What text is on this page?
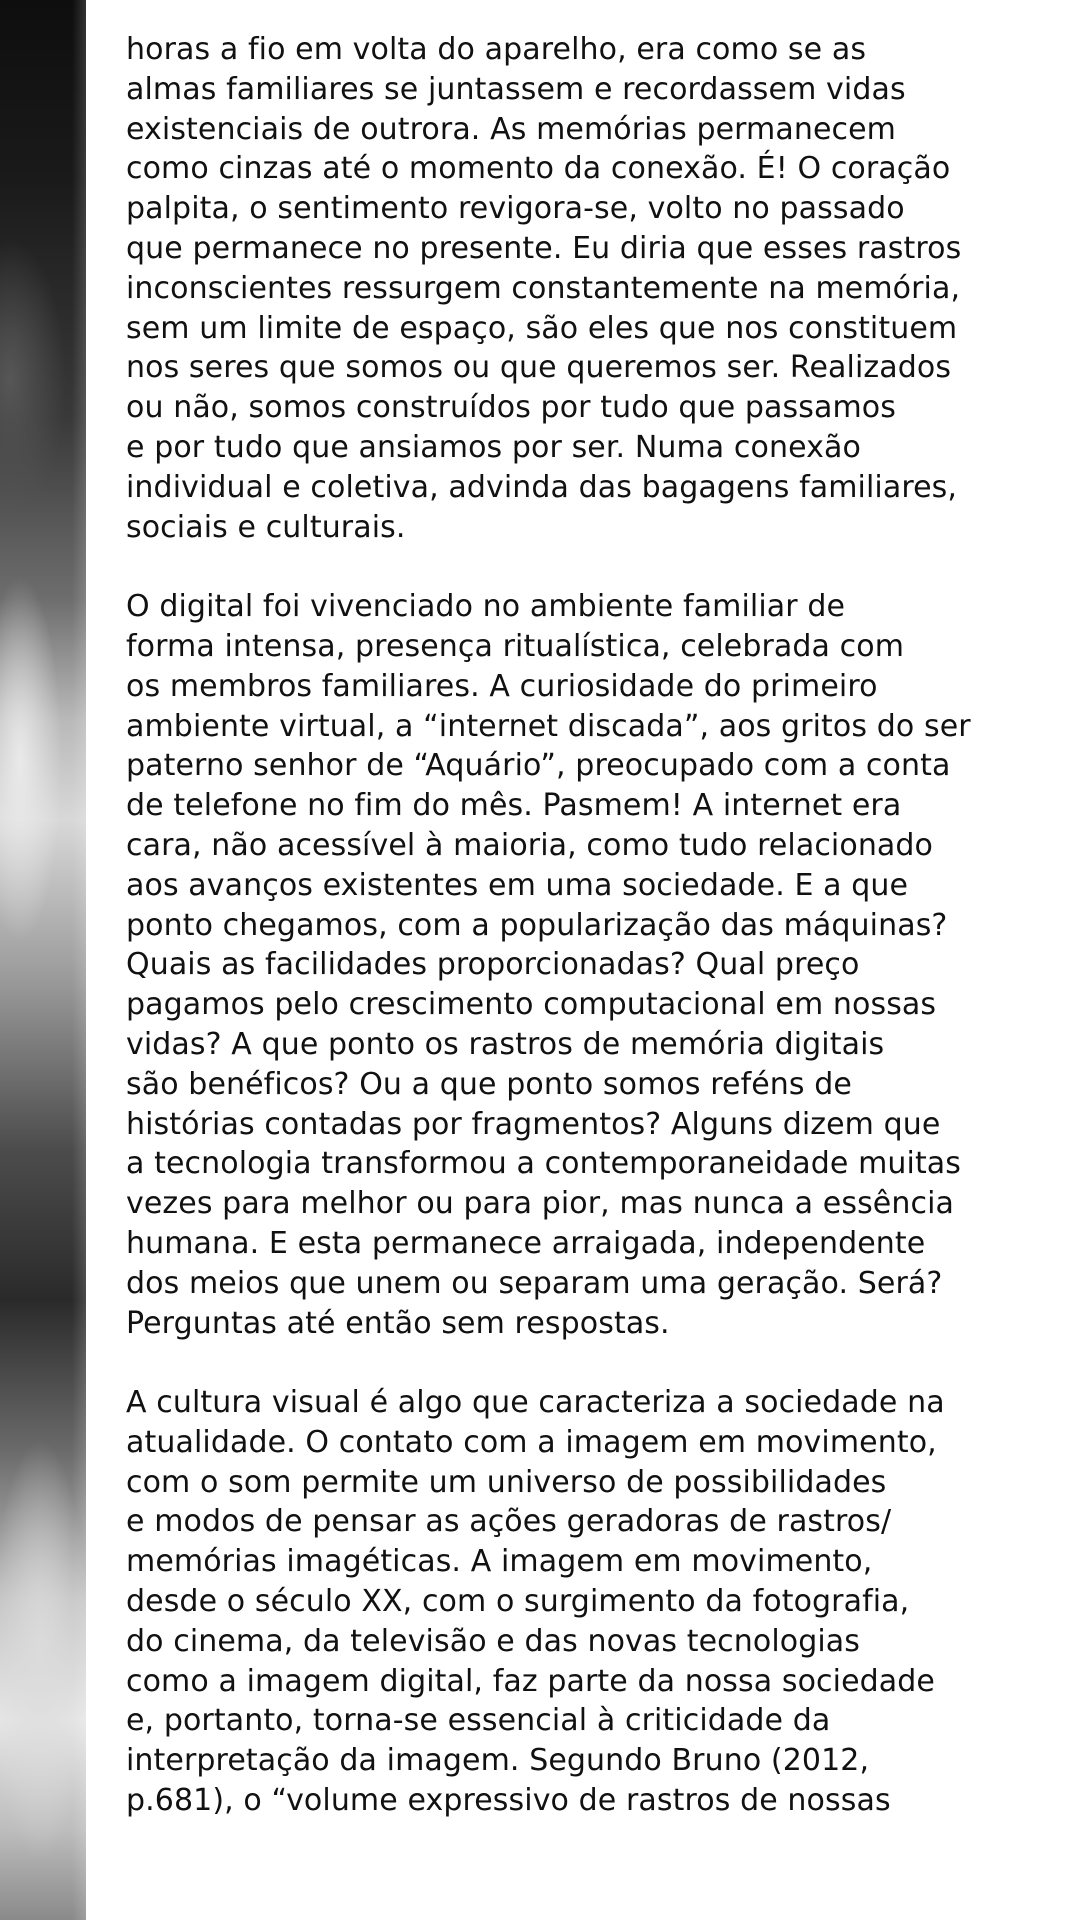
horas a fio em volta do aparelho, era como se as
almas familiares se juntassem e recordassem vidas
existenciais de outrora. As memórias permanecem
como cinzas até o momento da conexão. É! O coração
palpita, o sentimento revigora-se, volto no passado
que permanece no presente. Eu diria que esses rastros
inconscientes ressurgem constantemente na memória,
sem um limite de espaço, são eles que nos constituem
nos seres que somos ou que queremos ser. Realizados
ou não, somos construídos por tudo que passamos
e por tudo que ansiamos por ser. Numa conexão
individual e coletiva, advinda das bagagens familiares,
sociais e culturais.

O digital foi vivenciado no ambiente familiar de
forma intensa, presença ritualística, celebrada com
os membros familiares. A curiosidade do primeiro
ambiente virtual, a “internet discada”, aos gritos do ser
paterno senhor de “Aquário”, preocupado com a conta
de telefone no fim do mês. Pasmem! A internet era
cara, não acessível à maioria, como tudo relacionado
aos avanços existentes em uma sociedade. E a que
ponto chegamos, com a popularização das máquinas?
Quais as facilidades proporcionadas? Qual preço
pagamos pelo crescimento computacional em nossas
vidas? A que ponto os rastros de memória digitais
são benéficos? Ou a que ponto somos reféns de
histórias contadas por fragmentos? Alguns dizem que
a tecnologia transformou a contemporaneidade muitas
vezes para melhor ou para pior, mas nunca a essência
humana. E esta permanece arraigada, independente
dos meios que unem ou separam uma geração. Será?
Perguntas até então sem respostas.

A cultura visual é algo que caracteriza a sociedade na
atualidade. O contato com a imagem em movimento,
com o som permite um universo de possibilidades
e modos de pensar as ações geradoras de rastros/
memórias imagéticas. A imagem em movimento,
desde o século XX, com o surgimento da fotografia,
do cinema, da televisão e das novas tecnologias
como a imagem digital, faz parte da nossa sociedade
e, portanto, torna-se essencial à criticidade da
interpretação da imagem. Segundo Bruno (2012,
p.681), o “volume expressivo de rastros de nossas
